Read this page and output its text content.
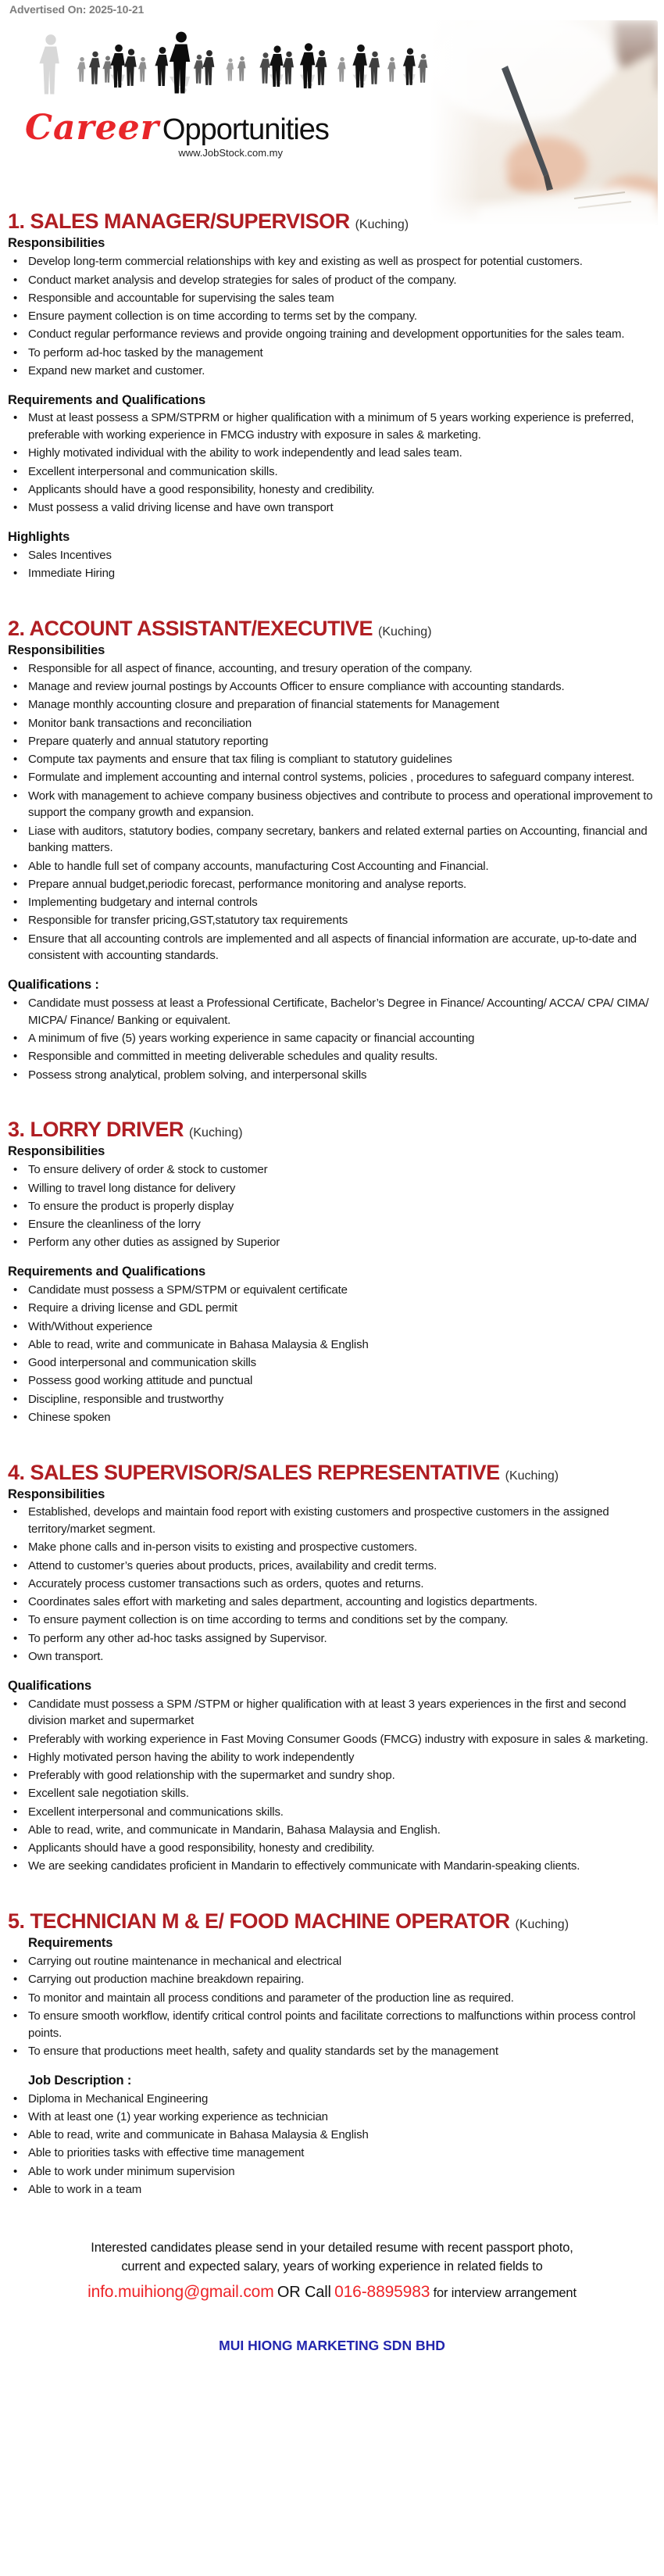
Advertised On: 2025-10-21
Career Opportunities
www.JobStock.com.my
1. SALES MANAGER/SUPERVISOR (Kuching)
Responsibilities
• Develop long-term commercial relationships with key and existing as well as prospect for potential customers.
• Conduct market analysis and develop strategies for sales of product of the company.
• Responsible and accountable for supervising the sales team
• Ensure payment collection is on time according to terms set by the company.
• Conduct regular performance reviews and provide ongoing training and development opportunities for the sales team.
• To perform ad-hoc tasked by the management
• Expand new market and customer.
Requirements and Qualifications
• Must at least possess a SPM/STPRM or higher qualification with a minimum of 5 years working experience is preferred, preferable with working experience in FMCG industry with exposure in sales & marketing.
• Highly motivated individual with the ability to work independently and lead sales team.
• Excellent interpersonal and communication skills.
• Applicants should have a good responsibility, honesty and credibility.
• Must possess a valid driving license and have own transport
Highlights
• Sales Incentives
• Immediate Hiring
2. ACCOUNT ASSISTANT/EXECUTIVE (Kuching)
Responsibilities
• Responsible for all aspect of finance, accounting, and tresury operation of the company.
• Manage and review journal postings by Accounts Officer to ensure compliance with accounting standards.
• Manage monthly accounting closure and preparation of financial statements for Management
• Monitor bank transactions and reconciliation
• Prepare quaterly and annual statutory reporting
• Compute tax payments and ensure that tax filing is compliant to statutory guidelines
• Formulate and implement accounting and internal control systems, policies , procedures to safeguard company interest.
• Work with management to achieve company business objectives and contribute to process and operational improvement to support the company growth and expansion.
• Liase with auditors, statutory bodies, company secretary, bankers and related external parties on Accounting, financial and banking matters.
• Able to handle full set of company accounts, manufacturing Cost Accounting and Financial.
• Prepare annual budget,periodic forecast, performance monitoring and analyse reports.
• Implementing budgetary and internal controls
• Responsible for transfer pricing,GST,statutory tax requirements
• Ensure that all accounting controls are implemented and all aspects of financial information are accurate, up-to-date and consistent with accounting standards.
Qualifications :
• Candidate must possess at least a Professional Certificate, Bachelor’s Degree in Finance/ Accounting/ ACCA/ CPA/ CIMA/ MICPA/ Finance/ Banking or equivalent.
• A minimum of five (5) years working experience in same capacity or financial accounting
• Responsible and committed in meeting deliverable schedules and quality results.
• Possess strong analytical, problem solving, and interpersonal skills
3. LORRY DRIVER (Kuching)
Responsibilities
• To ensure delivery of order & stock to customer
• Willing to travel long distance for delivery
• To ensure the product is properly display
• Ensure the cleanliness of the lorry
• Perform any other duties as assigned by Superior
Requirements and Qualifications
• Candidate must possess a SPM/STPM or equivalent certificate
• Require a driving license and GDL permit
• With/Without experience
• Able to read, write and communicate in Bahasa Malaysia & English
• Good interpersonal and communication skills
• Possess good working attitude and punctual
• Discipline, responsible and trustworthy
• Chinese spoken
4. SALES SUPERVISOR/SALES REPRESENTATIVE (Kuching)
Responsibilities
• Established, develops and maintain food report with existing customers and prospective customers in the assigned territory/market segment.
• Make phone calls and in-person visits to existing and prospective customers.
• Attend to customer’s queries about products, prices, availability and credit terms.
• Accurately process customer transactions such as orders, quotes and returns.
• Coordinates sales effort with marketing and sales department, accounting and logistics departments.
• To ensure payment collection is on time according to terms and conditions set by the company.
• To perform any other ad-hoc tasks assigned by Supervisor.
• Own transport.
Qualifications
• Candidate must possess a SPM /STPM or higher qualification with at least 3 years experiences in the first and second division market and supermarket
• Preferably with working experience in Fast Moving Consumer Goods (FMCG) industry with exposure in sales & marketing.
• Highly motivated person having the ability to work independently
• Preferably with good relationship with the supermarket and sundry shop.
• Excellent sale negotiation skills.
• Excellent interpersonal and communications skills.
• Able to read, write, and communicate in Mandarin, Bahasa Malaysia and English.
• Applicants should have a good responsibility, honesty and credibility.
• We are seeking candidates proficient in Mandarin to effectively communicate with Mandarin-speaking clients.
5. TECHNICIAN M & E/ FOOD MACHINE OPERATOR (Kuching)
Requirements
• Carrying out routine maintenance in mechanical and electrical
• Carrying out production machine breakdown repairing.
• To monitor and maintain all process conditions and parameter of the production line as required.
• To ensure smooth workflow, identify critical control points and facilitate corrections to malfunctions within process control points.
• To ensure that productions meet health, safety and quality standards set by the management
Job Description :
• Diploma in Mechanical Engineering
• With at least one (1) year working experience as technician
• Able to read, write and communicate in Bahasa Malaysia & English
• Able to priorities tasks with effective time management
• Able to work under minimum supervision
• Able to work in a team

Interested candidates please send in your detailed resume with recent passport photo, current and expected salary, years of working experience in related fields to

info.muihiong@gmail.com OR Call 016-8895983 for interview arrangement

MUI HIONG MARKETING SDN BHD
